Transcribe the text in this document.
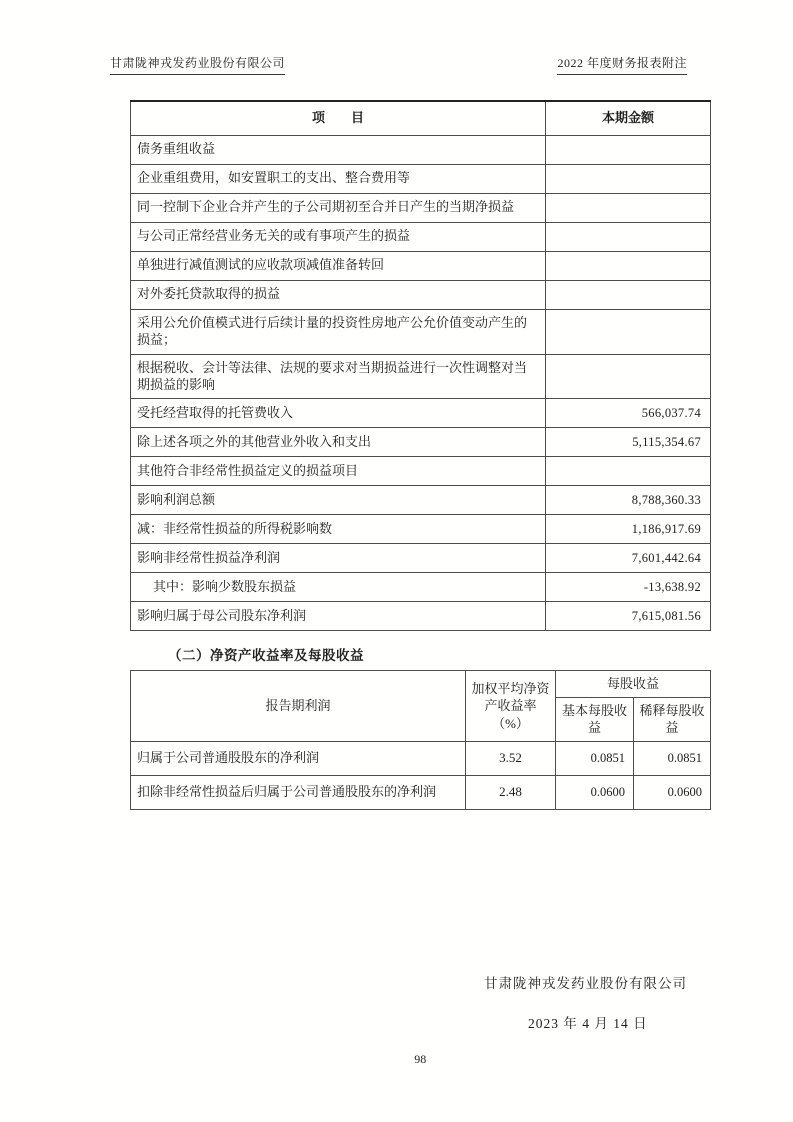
甘肃陇神戎发药业股份有限公司	2022 年度财务报表附注
项　　目	本期金额
债务重组收益	
企业重组费用，如安置职工的支出、整合费用等	
同一控制下企业合并产生的子公司期初至合并日产生的当期净损益	
与公司正常经营业务无关的或有事项产生的损益	
单独进行减值测试的应收款项减值准备转回	
对外委托贷款取得的损益	
采用公允价值模式进行后续计量的投资性房地产公允价值变动产生的损益；	
根据税收、会计等法律、法规的要求对当期损益进行一次性调整对当期损益的影响	
受托经营取得的托管费收入	566,037.74
除上述各项之外的其他营业外收入和支出	5,115,354.67
其他符合非经常性损益定义的损益项目	
影响利润总额	8,788,360.33
减：非经常性损益的所得税影响数	1,186,917.69
影响非经常性损益净利润	7,601,442.64
其中：影响少数股东损益	-13,638.92
影响归属于母公司股东净利润	7,615,081.56
（二）净资产收益率及每股收益
报告期利润	加权平均净资产收益率（%）	每股收益	
		基本每股收益	稀释每股收益
归属于公司普通股股东的净利润	3.52	0.0851	0.0851
扣除非经常性损益后归属于公司普通股股东的净利润	2.48	0.0600	0.0600
甘肃陇神戎发药业股份有限公司
2023 年 4 月 14 日
98
